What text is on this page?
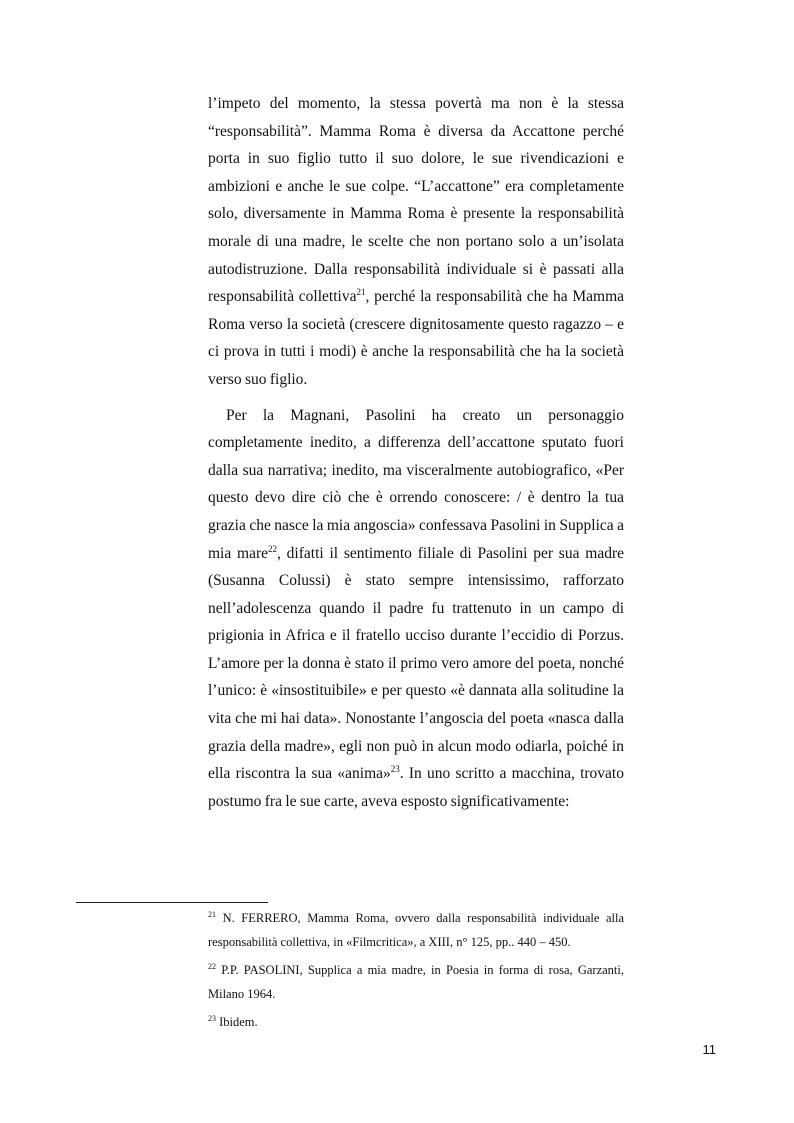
l’impeto del momento, la stessa povertà ma non è la stessa “responsabilità”. Mamma Roma è diversa da Accattone perché porta in suo figlio tutto il suo dolore, le sue rivendicazioni e ambizioni e anche le sue colpe. “L’accattone” era completamente solo, diversamente in Mamma Roma è presente la responsabilità morale di una madre, le scelte che non portano solo a un’isolata autodistruzione. Dalla responsabilità individuale si è passati alla responsabilità collettiva$^{21}$, perché la responsabilità che ha Mamma Roma verso la società (crescere dignitosamente questo ragazzo – e ci prova in tutti i modi) è anche la responsabilità che ha la società verso suo figlio.

Per la Magnani, Pasolini ha creato un personaggio completamente inedito, a differenza dell’accattone sputato fuori dalla sua narrativa; inedito, ma visceralmente autobiografico, «Per questo devo dire ciò che è orrendo conoscere: / è dentro la tua grazia che nasce la mia angoscia» confessava Pasolini in Supplica a mia mare$^{22}$, difatti il sentimento filiale di Pasolini per sua madre (Susanna Colussi) è stato sempre intensissimo, rafforzato nell’adolescenza quando il padre fu trattenuto in un campo di prigionia in Africa e il fratello ucciso durante l’eccidio di Porzus. L’amore per la donna è stato il primo vero amore del poeta, nonché l’unico: è «insostituibile» e per questo «è dannata alla solitudine la vita che mi hai data». Nonostante l’angoscia del poeta «nasca dalla grazia della madre», egli non può in alcun modo odiarla, poiché in ella riscontra la sua «anima»$^{23}$. In uno scritto a macchina, trovato postumo fra le sue carte, aveva esposto significativamente:

$^{21}$ N. FERRERO, Mamma Roma, ovvero dalla responsabilità individuale alla responsabilità collettiva, in «Filmcritica», a XIII, n° 125, pp.. 440 – 450.

$^{22}$ P.P. PASOLINI, Supplica a mia madre, in Poesia in forma di rosa, Garzanti, Milano 1964.

$^{23}$ Ibidem.

11
